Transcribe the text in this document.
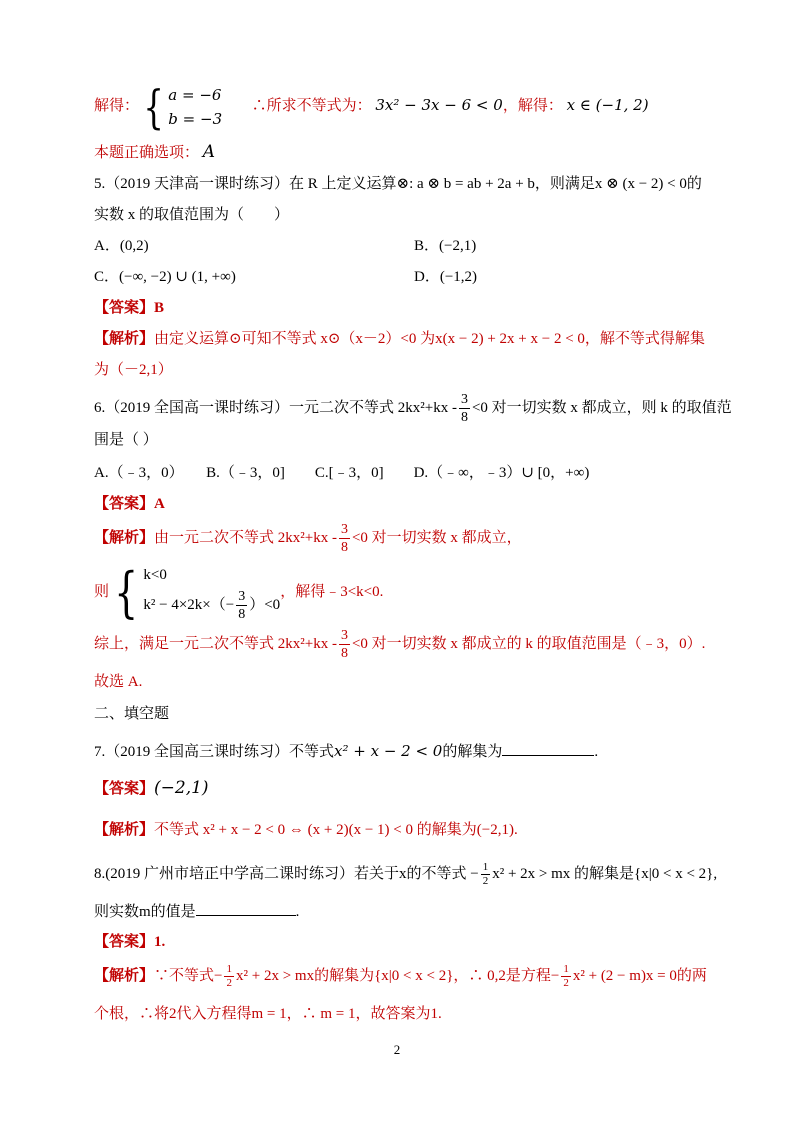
解得：{ a = −6
b = −3  ∴所求不等式为： 3x² − 3x − 6 < 0，解得： x ∈ (−1, 2)
本题正确选项： A
5.（2019 天津高一课时练习）在 R 上定义运算⊗: a ⊗ b = ab + 2a + b，则满足x ⊗ (x − 2) < 0的
实数 x 的取值范围为（　　）
A．(0,2)	B．(−2,1)
C．(−∞, −2) ∪ (1, +∞)	D．(−1,2)
【答案】B
【解析】由定义运算⊙可知不等式 x⊙（x－2）<0 为x(x − 2) + 2x + x − 2 < 0，解不等式得解集
为（－2,1）
6.（2019 全国高一课时练习）一元二次不等式 $2kx^2+kx - \frac{3}{8} <0$ 对一切实数 x 都成立，则 k 的取值范
围是（ ）
A.（﹣3，0）　　B.（﹣3，0]　　C.[﹣3，0]　　D.（﹣∞，﹣3）∪ [0，+∞)
【答案】A
【解析】由一元二次不等式 $2kx^2+kx - \frac{3}{8} <0$ 对一切实数 x 都成立，
则{ k<0
$k^2 - 4\times 2k\times(- \frac{3}{8} )<0$，解得﹣3<k<0.
综上，满足一元二次不等式 $2kx^2+kx - \frac{3}{8} <0$ 对一切实数 x 都成立的 k 的取值范围是（﹣3，0）.
故选 A.
二、填空题
7.（2019 全国高三课时练习）不等式x² + x − 2 < 0的解集为	.
【答案】(−2,1)
【解析】不等式 x² + x − 2 < 0 ⇔ (x + 2)(x − 1) < 0 的解集为(−2,1).
8.(2019 广州市培正中学高二课时练习）若关于x的不等式 − $\frac{1}{2} x^2 + 2x$ > mx 的解集是{x|0 < x < 2},
则实数m的值是	.
【答案】1.
【解析】∵不等式− $\frac{1}{2} x^2 + 2x$ > mx的解集为{x|0 < x < 2}，∴ 0,2是方程− $\frac{1}{2} x^2 + (2 - m)x = 0$的两
个根，∴将2代入方程得m = 1，∴ m = 1，故答案为1.
2
